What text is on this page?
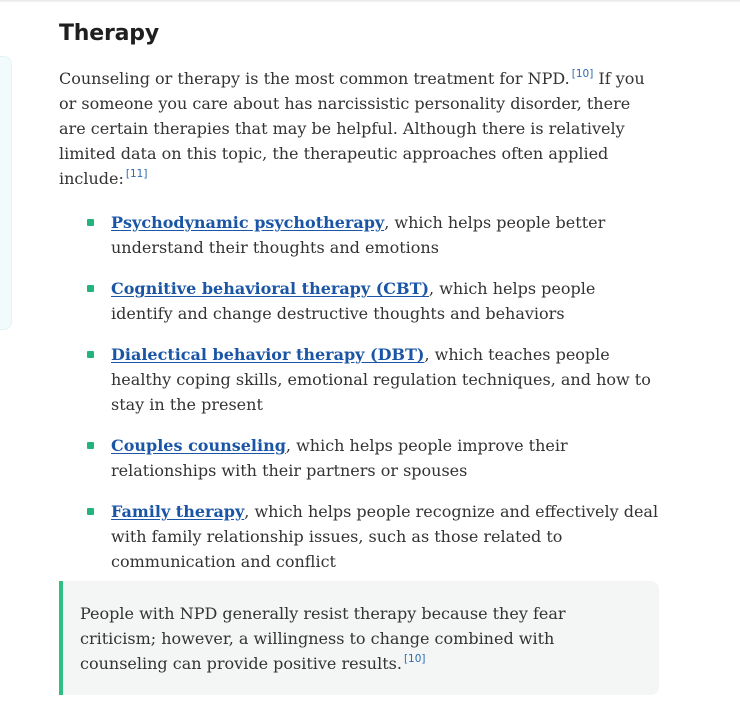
Therapy

Counseling or therapy is the most common treatment for NPD. [10] If you or someone you care about has narcissistic personality disorder, there are certain therapies that may be helpful. Although there is relatively limited data on this topic, the therapeutic approaches often applied include: [11]

Psychodynamic psychotherapy, which helps people better understand their thoughts and emotions
Cognitive behavioral therapy (CBT), which helps people identify and change destructive thoughts and behaviors
Dialectical behavior therapy (DBT), which teaches people healthy coping skills, emotional regulation techniques, and how to stay in the present
Couples counseling, which helps people improve their relationships with their partners or spouses
Family therapy, which helps people recognize and effectively deal with family relationship issues, such as those related to communication and conflict

People with NPD generally resist therapy because they fear criticism; however, a willingness to change combined with counseling can provide positive results. [10]
